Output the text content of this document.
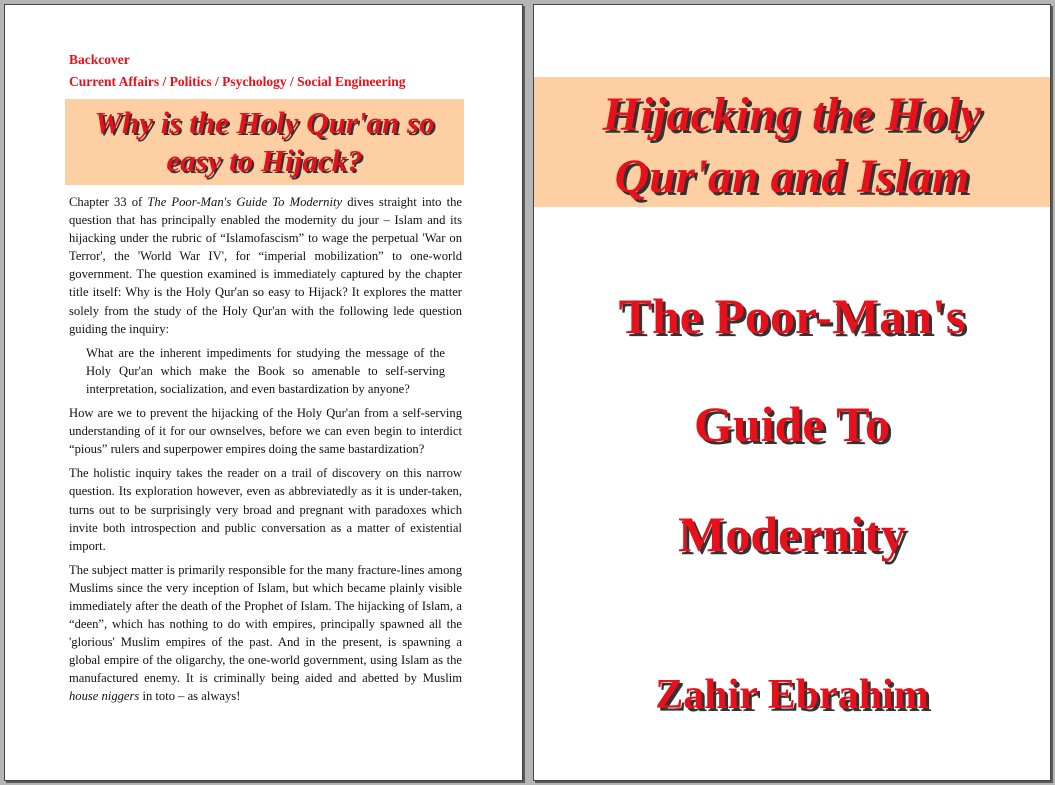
Backcover
Current Affairs / Politics / Psychology / Social Engineering
Why is the Holy Qur'an so easy to Hijack?

Chapter 33 of The Poor-Man's Guide To Modernity dives straight into the question that has principally enabled the modernity du jour – Islam and its hijacking under the rubric of “Islamofascism” to wage the perpetual 'War on Terror', the 'World War IV', for “imperial mobilization” to one-world government. The question examined is immediately captured by the chapter title itself: Why is the Holy Qur'an so easy to Hijack? It explores the matter solely from the study of the Holy Qur'an with the following lede question guiding the inquiry:

What are the inherent impediments for studying the message of the Holy Qur'an which make the Book so amenable to self-serving interpretation, socialization, and even bastardization by anyone?

How are we to prevent the hijacking of the Holy Qur'an from a self-serving understanding of it for our ownselves, before we can even begin to interdict “pious” rulers and superpower empires doing the same bastardization?

The holistic inquiry takes the reader on a trail of discovery on this narrow question. Its exploration however, even as abbreviatedly as it is under-taken, turns out to be surprisingly very broad and pregnant with paradoxes which invite both introspection and public conversation as a matter of existential import.

The subject matter is primarily responsible for the many fracture-lines among Muslims since the very inception of Islam, but which became plainly visible immediately after the death of the Prophet of Islam. The hijacking of Islam, a “deen”, which has nothing to do with empires, principally spawned all the 'glorious' Muslim empires of the past. And in the present, is spawning a global empire of the oligarchy, the one-world government, using Islam as the manufactured enemy. It is criminally being aided and abetted by Muslim house niggers in toto – as always!

Hijacking the Holy
Qur'an and Islam
The Poor-Man's
Guide To
Modernity
Zahir Ebrahim
